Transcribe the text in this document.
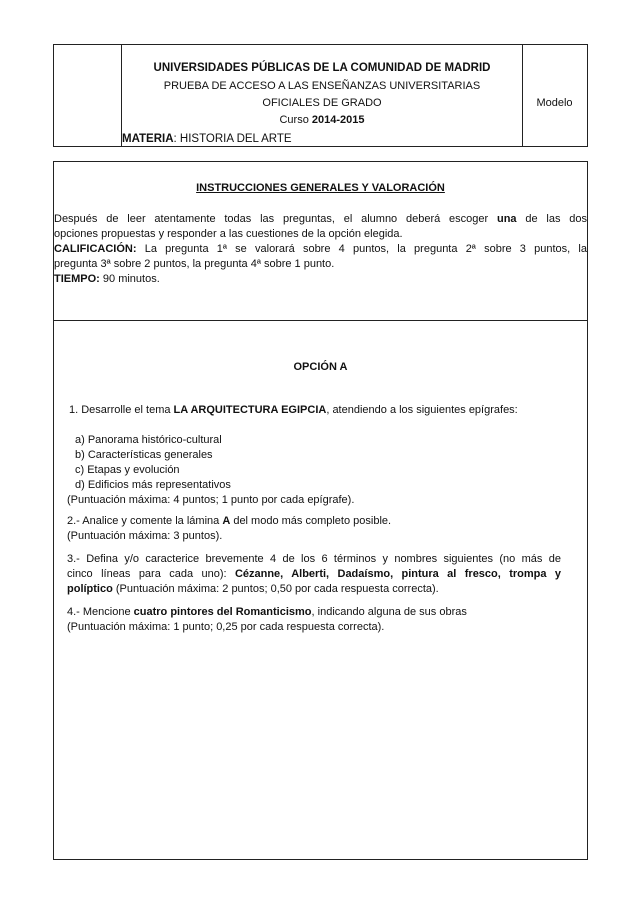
UNIVERSIDADES PÚBLICAS DE LA COMUNIDAD DE MADRID
PRUEBA DE ACCESO A LAS ENSEÑANZAS UNIVERSITARIAS
OFICIALES DE GRADO
Curso 2014-2015
MATERIA: HISTORIA DEL ARTE
Modelo
INSTRUCCIONES GENERALES Y VALORACIÓN
Después de leer atentamente todas las preguntas, el alumno deberá escoger una de las dos
opciones propuestas y responder a las cuestiones de la opción elegida.
CALIFICACIÓN: La pregunta 1ª se valorará sobre 4 puntos, la pregunta 2ª sobre 3 puntos, la
pregunta 3ª sobre 2 puntos, la pregunta 4ª sobre 1 punto.
TIEMPO: 90 minutos.
OPCIÓN A
1. Desarrolle el tema LA ARQUITECTURA EGIPCIA, atendiendo a los siguientes epígrafes:
a) Panorama histórico-cultural
b) Características generales
c) Etapas y evolución
d) Edificios más representativos
(Puntuación máxima: 4 puntos; 1 punto por cada epígrafe).
2.- Analice y comente la lámina A del modo más completo posible.
(Puntuación máxima: 3 puntos).
3.- Defina y/o caracterice brevemente 4 de los 6 términos y nombres siguientes (no más de
cinco líneas para cada uno): Cézanne, Alberti, Dadaísmo, pintura al fresco, trompa y
políptico (Puntuación máxima: 2 puntos; 0,50 por cada respuesta correcta).
4.- Mencione cuatro pintores del Romanticismo, indicando alguna de sus obras
(Puntuación máxima: 1 punto; 0,25 por cada respuesta correcta).
